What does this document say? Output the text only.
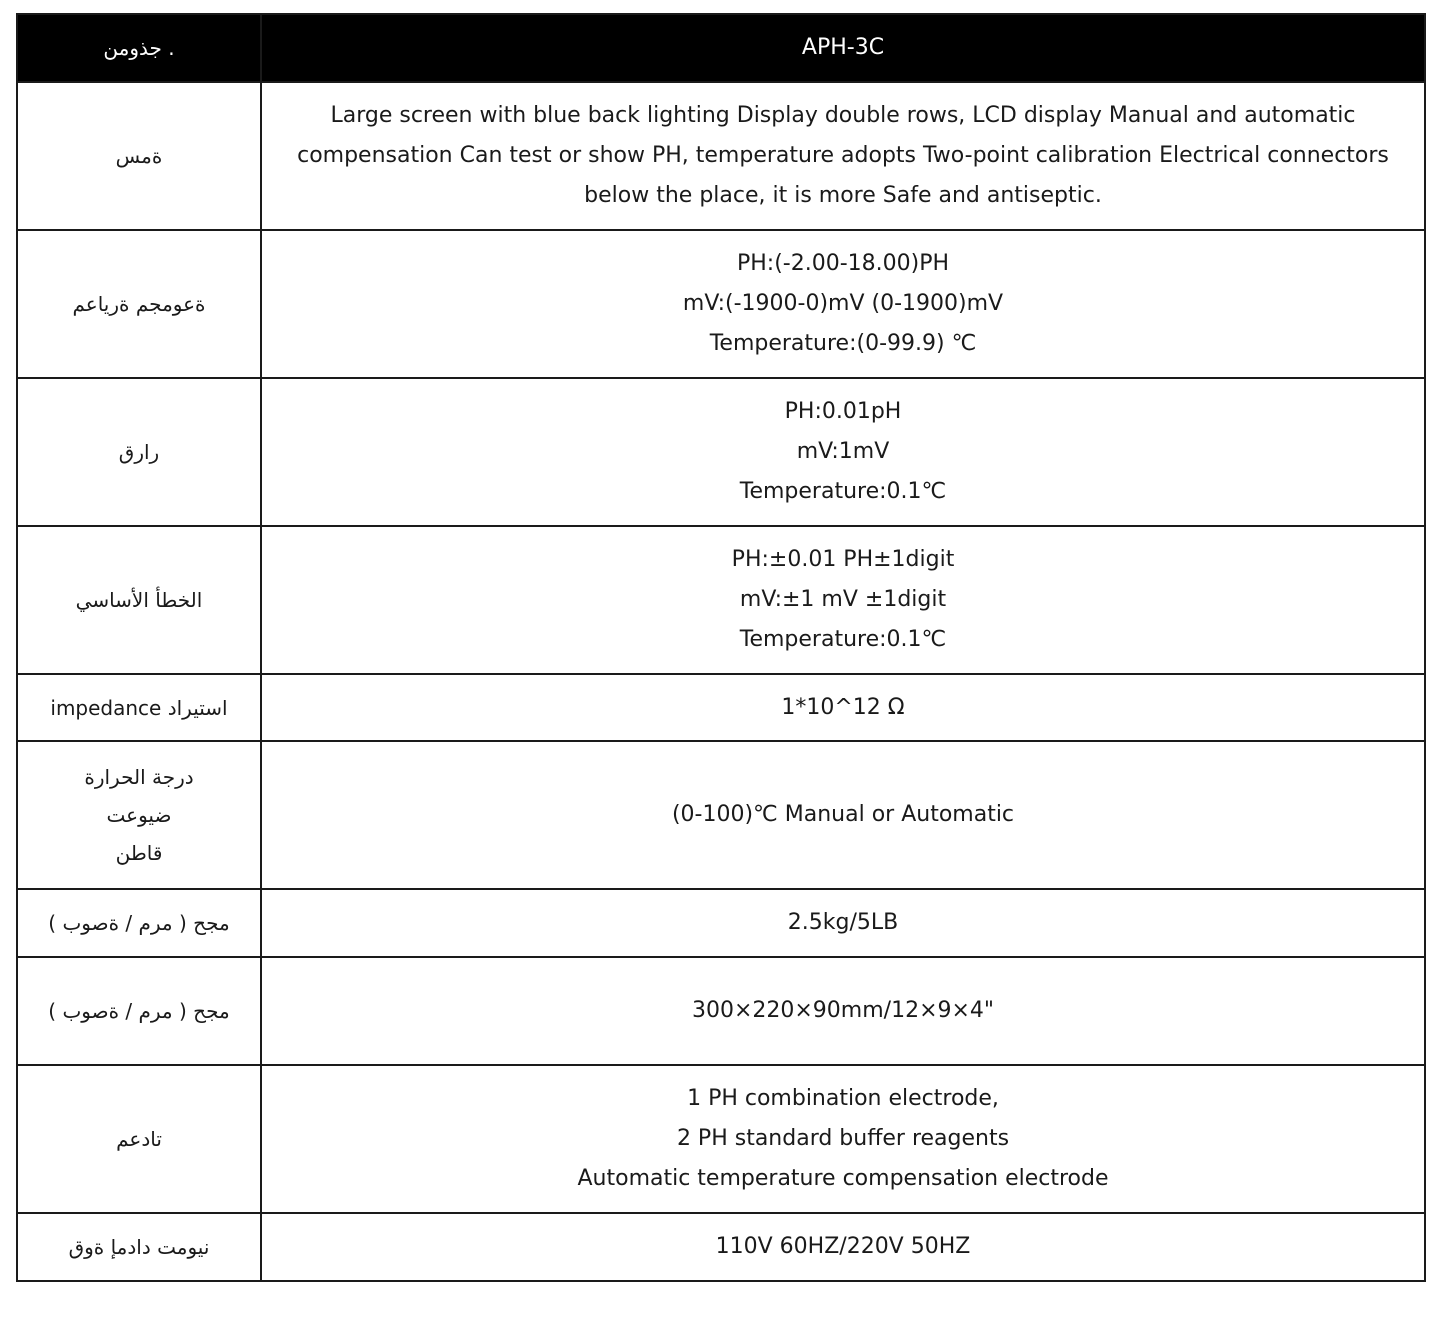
جذومن .	APH-3C

ةمس	Large screen with blue back lighting Display double rows, LCD display Manual and automatic
compensation Can test or show PH, temperature adopts Two-point calibration Electrical connectors
below the place, it is more Safe and antiseptic.

ةعومجم ةرياعم	PH:(-2.00-18.00)PH
mV:(-1900-0)mV (0-1900)mV
Temperature:(0-99.9) ℃

رارق	PH:0.01pH
mV:1mV
Temperature:0.1℃

الخطأ الأساسي	PH:±0.01 PH±1digit
mV:±1 mV ±1digit
Temperature:0.1℃

استيراد impedance	1*10^12 Ω

درجة الحرارة
ضيوعت
قاطن	(0-100)℃ Manual or Automatic

مجح ( مرم / ةصوب )	2.5kg/5LB

مجح ( مرم / ةصوب )	300×220×90mm/12×9×4"

تادعم	1 PH combination electrode,
2 PH standard buffer reagents
Automatic temperature compensation electrode

نيومت دادمإ ةوق	110V 60HZ/220V 50HZ
